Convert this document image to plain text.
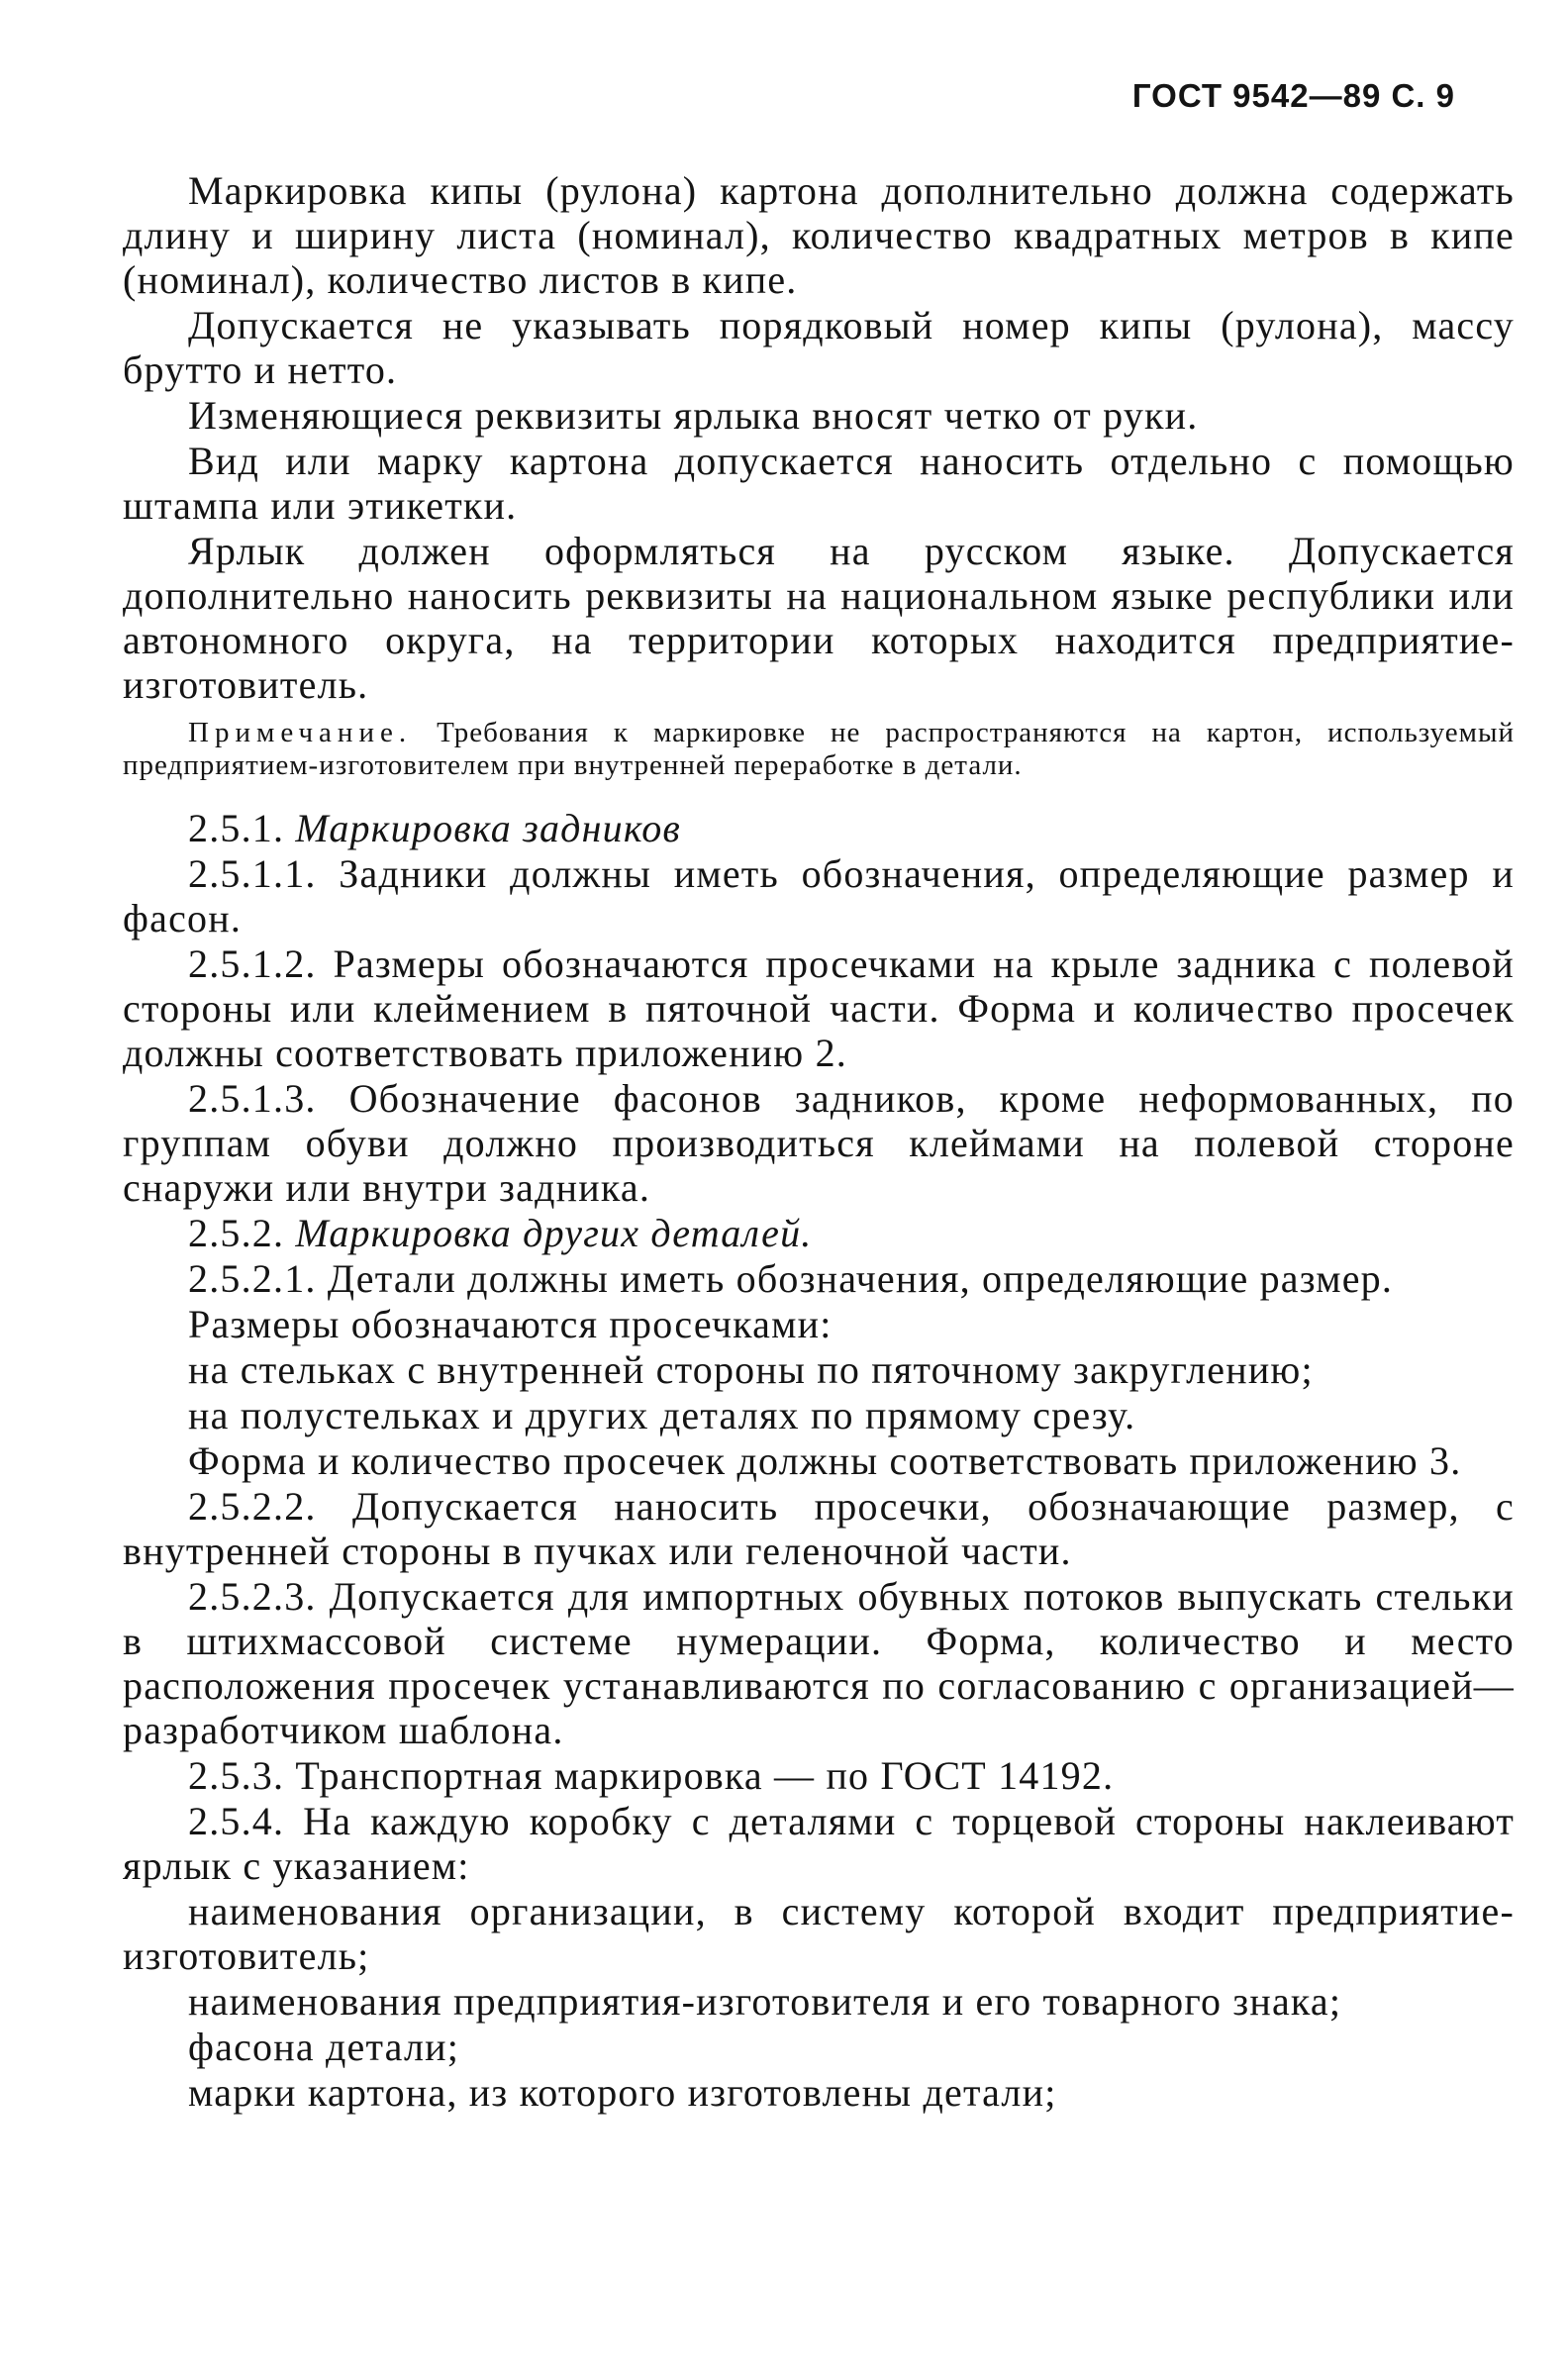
ГОСТ 9542—89 С. 9

Маркировка кипы (рулона) картона дополнительно должна содержать длину и ширину листа (номинал), количество квадратных метров в кипе (номинал), количество листов в кипе.

Допускается не указывать порядковый номер кипы (рулона), массу брутто и нетто.

Изменяющиеся реквизиты ярлыка вносят четко от руки.

Вид или марку картона допускается наносить отдельно с помощью штампа или этикетки.

Ярлык должен оформляться на русском языке. Допускается дополнительно наносить реквизиты на национальном языке республики или автономного округа, на территории которых находится предприятие-изготовитель.

Примечание. Требования к маркировке не распространяются на картон, используемый предприятием-изготовителем при внутренней переработке в детали.

2.5.1. Маркировка задников

2.5.1.1. Задники должны иметь обозначения, определяющие размер и фасон.

2.5.1.2. Размеры обозначаются просечками на крыле задника с полевой стороны или клеймением в пяточной части. Форма и количество просечек должны соответствовать приложению 2.

2.5.1.3. Обозначение фасонов задников, кроме неформованных, по группам обуви должно производиться клеймами на полевой стороне снаружи или внутри задника.

2.5.2. Маркировка других деталей.

2.5.2.1. Детали должны иметь обозначения, определяющие размер.

Размеры обозначаются просечками:

на стельках с внутренней стороны по пяточному закруглению;

на полустельках и других деталях по прямому срезу.

Форма и количество просечек должны соответствовать приложению 3.

2.5.2.2. Допускается наносить просечки, обозначающие размер, с внутренней стороны в пучках или геленочной части.

2.5.2.3. Допускается для импортных обувных потоков выпускать стельки в штихмассовой системе нумерации. Форма, количество и место расположения просечек устанавливаются по согласованию с организацией—разработчиком шаблона.

2.5.3. Транспортная маркировка — по ГОСТ 14192.

2.5.4. На каждую коробку с деталями с торцевой стороны наклеивают ярлык с указанием:

наименования организации, в систему которой входит предприятие-изготовитель;

наименования предприятия-изготовителя и его товарного знака;

фасона детали;

марки картона, из которого изготовлены детали;
